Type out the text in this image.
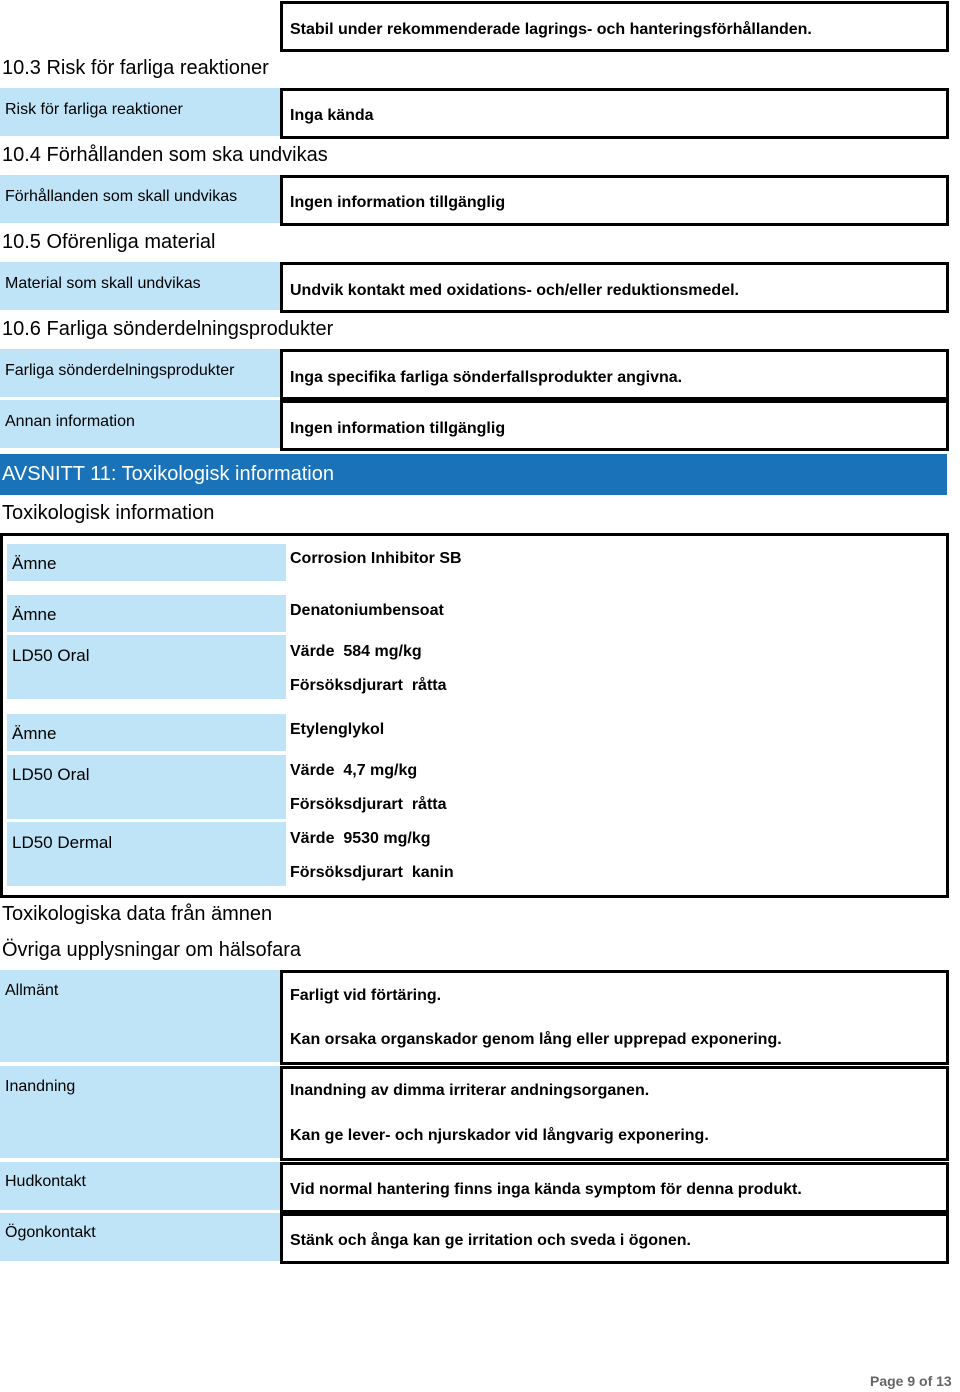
Stabil under rekommenderade lagrings- och hanteringsförhållanden.
10.3 Risk för farliga reaktioner
Risk för farliga reaktioner	Inga kända
10.4 Förhållanden som ska undvikas
Förhållanden som skall undvikas	Ingen information tillgänglig
10.5 Oförenliga material
Material som skall undvikas	Undvik kontakt med oxidations- och/eller reduktionsmedel.
10.6 Farliga sönderdelningsprodukter
Farliga sönderdelningsprodukter	Inga specifika farliga sönderfallsprodukter angivna.
Annan information	Ingen information tillgänglig
AVSNITT 11: Toxikologisk information
Toxikologisk information
Ämne	Corrosion Inhibitor SB
Ämne	Denatoniumbensoat
LD50 Oral	Värde 584 mg/kg
Försöksdjurart råtta
Ämne	Etylenglykol
LD50 Oral	Värde 4,7 mg/kg
Försöksdjurart råtta
LD50 Dermal	Värde 9530 mg/kg
Försöksdjurart kanin
Toxikologiska data från ämnen
Övriga upplysningar om hälsofara
Allmänt	Farligt vid förtäring.
Kan orsaka organskador genom lång eller upprepad exponering.
Inandning	Inandning av dimma irriterar andningsorganen.
Kan ge lever- och njurskador vid långvarig exponering.
Hudkontakt	Vid normal hantering finns inga kända symptom för denna produkt.
Ögonkontakt	Stänk och ånga kan ge irritation och sveda i ögonen.
Page 9 of 13
